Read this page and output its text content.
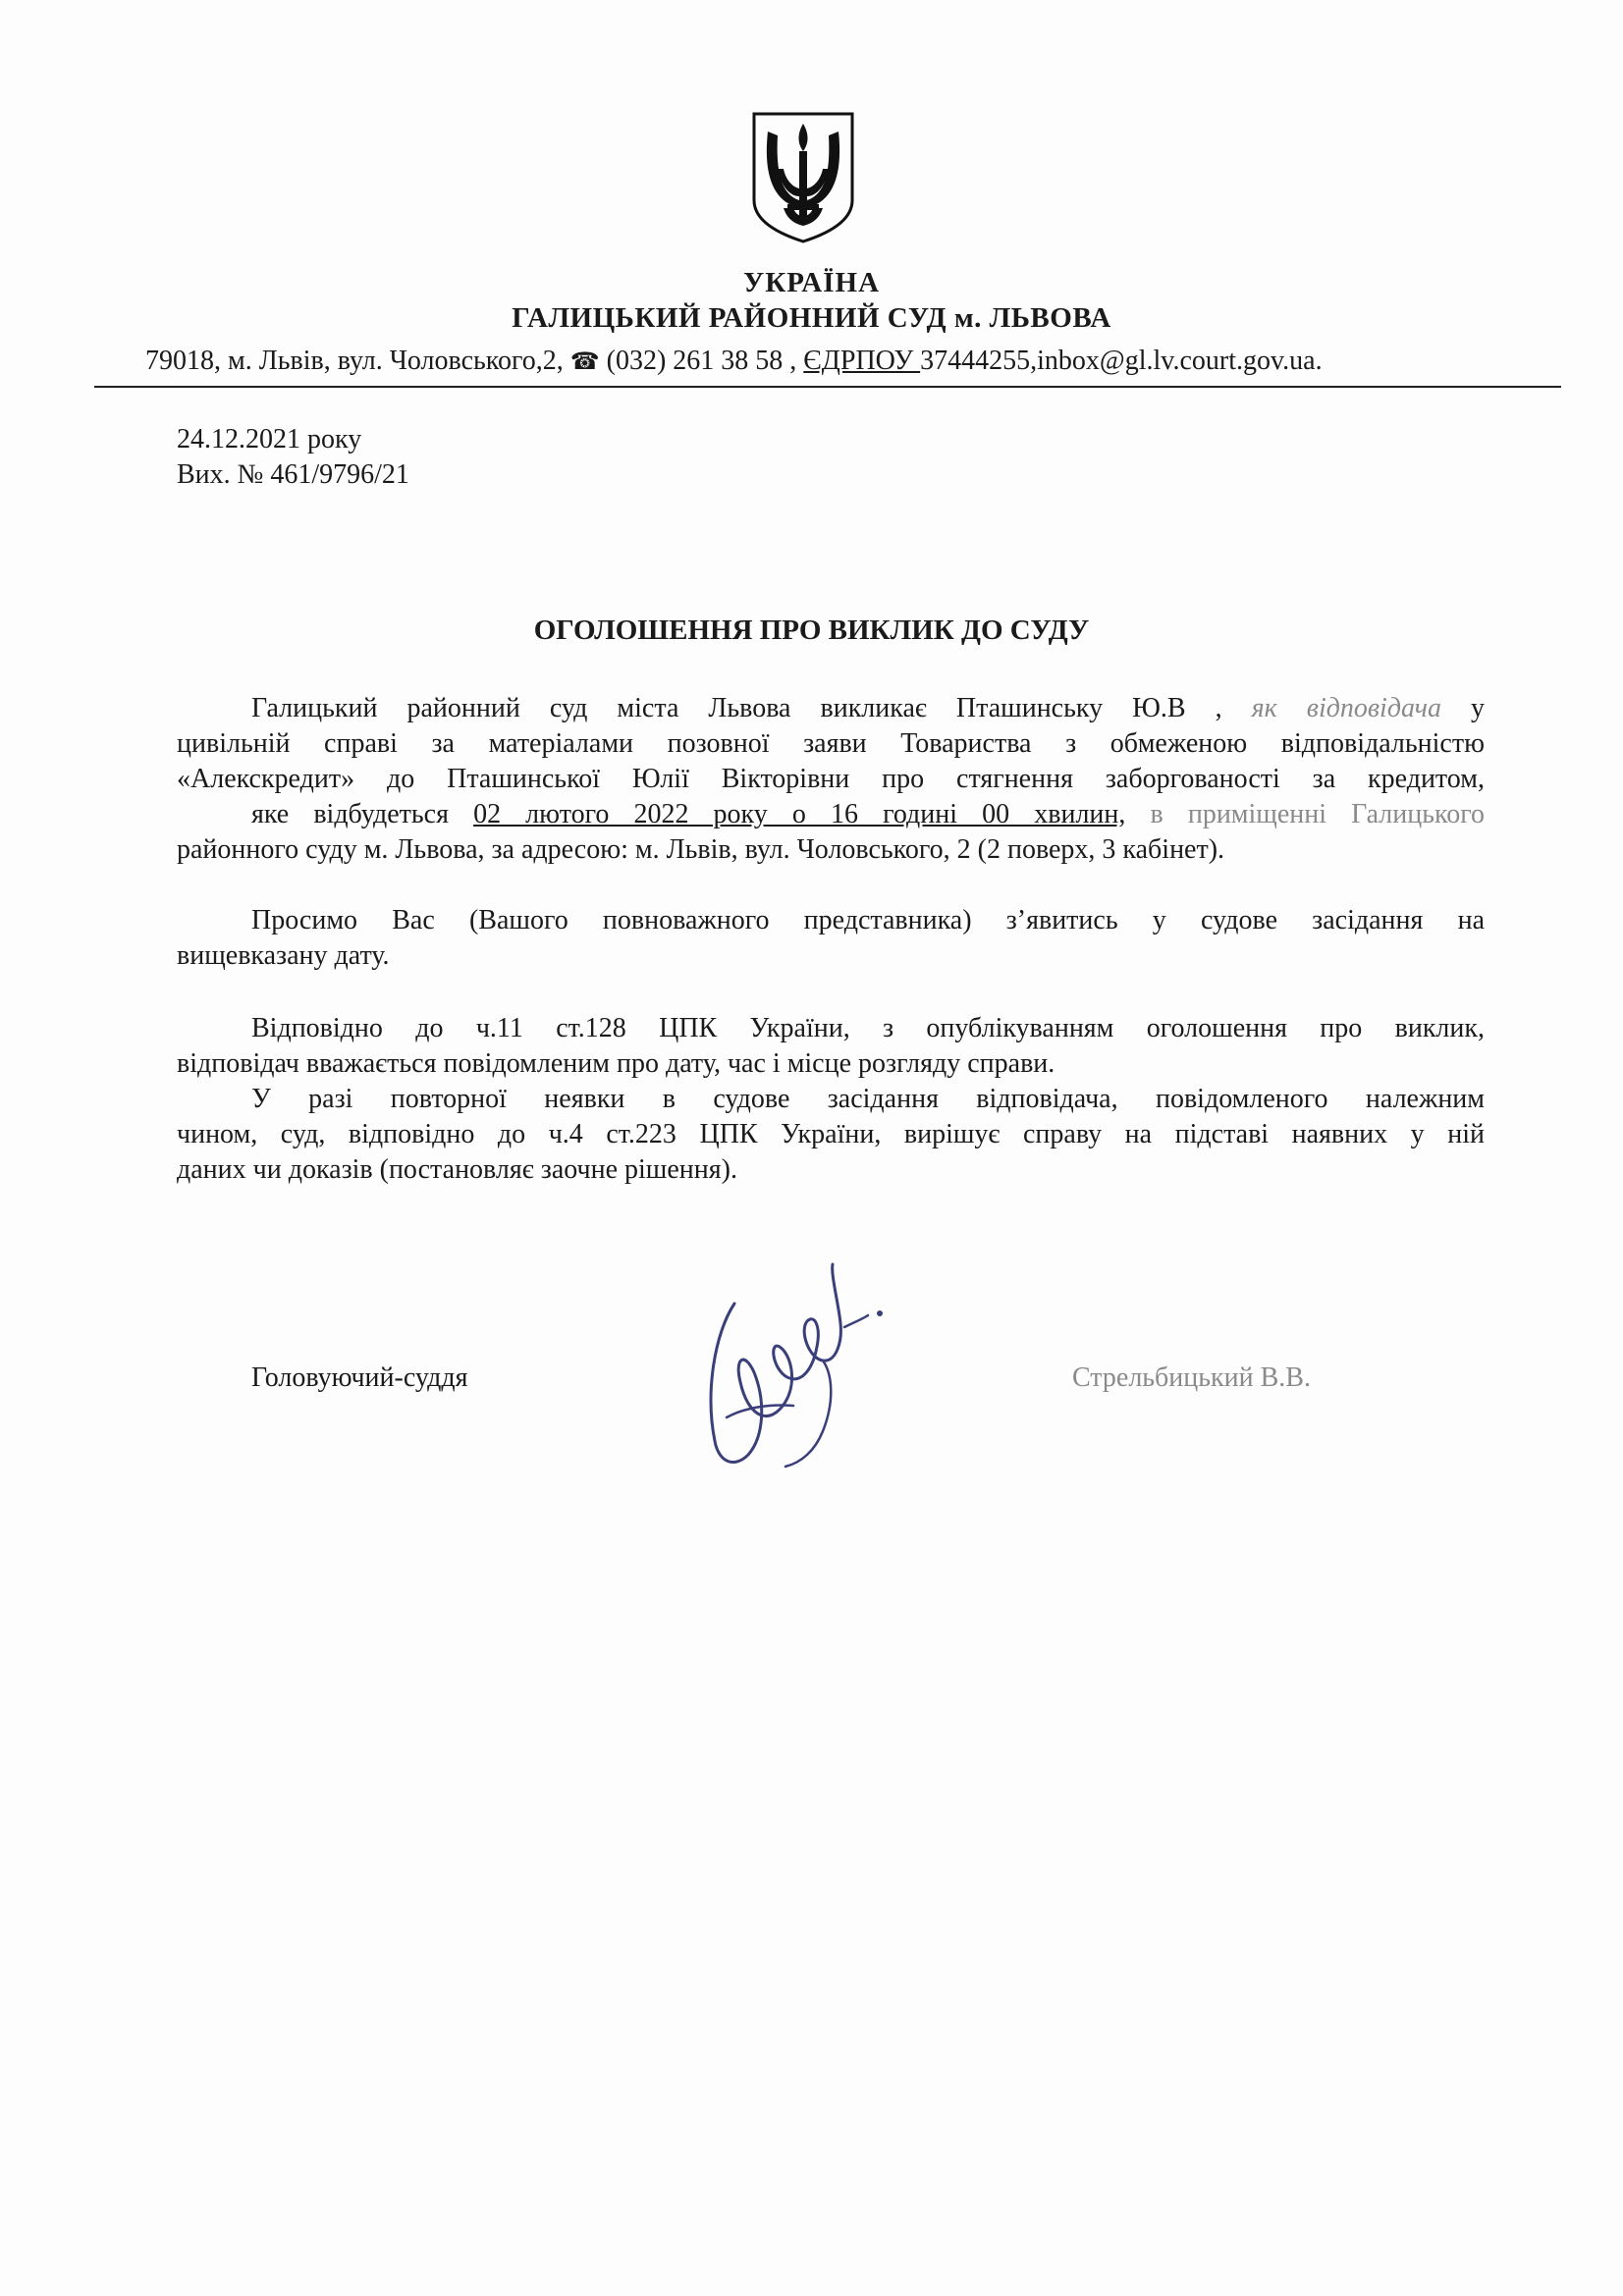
УКРАЇНА
ГАЛИЦЬКИЙ РАЙОННИЙ СУД м. ЛЬВОВА
79018, м. Львів, вул. Чоловського,2, ☎ (032) 261 38 58 , ЄДРПОУ 37444255,inbox@gl.lv.court.gov.ua.
24.12.2021 року
Вих. № 461/9796/21
ОГОЛОШЕННЯ ПРО ВИКЛИК ДО СУДУ
Галицький районний суд міста Львова викликає Пташинську Ю.В , як відповідача у
цивільній справі за матеріалами позовної заяви Товариства з обмеженою відповідальністю
«Алекскредит» до Пташинської Юлії Вікторівни про стягнення заборгованості за кредитом,
яке відбудеться 02 лютого 2022 року о 16 годині 00 хвилин, в приміщенні Галицького
районного суду м. Львова, за адресою: м. Львів, вул. Чоловського, 2 (2 поверх, 3 кабінет).
Просимо Вас (Вашого повноважного представника) з’явитись у судове засідання на
вищевказану дату.
Відповідно до ч.11 ст.128 ЦПК України, з опублікуванням оголошення про виклик,
відповідач вважається повідомленим про дату, час і місце розгляду справи.
У разі повторної неявки в судове засідання відповідача, повідомленого належним
чином, суд, відповідно до ч.4 ст.223 ЦПК України, вирішує справу на підставі наявних у ній
даних чи доказів (постановляє заочне рішення).
Головуючий-суддя	Стрельбицький В.В.
